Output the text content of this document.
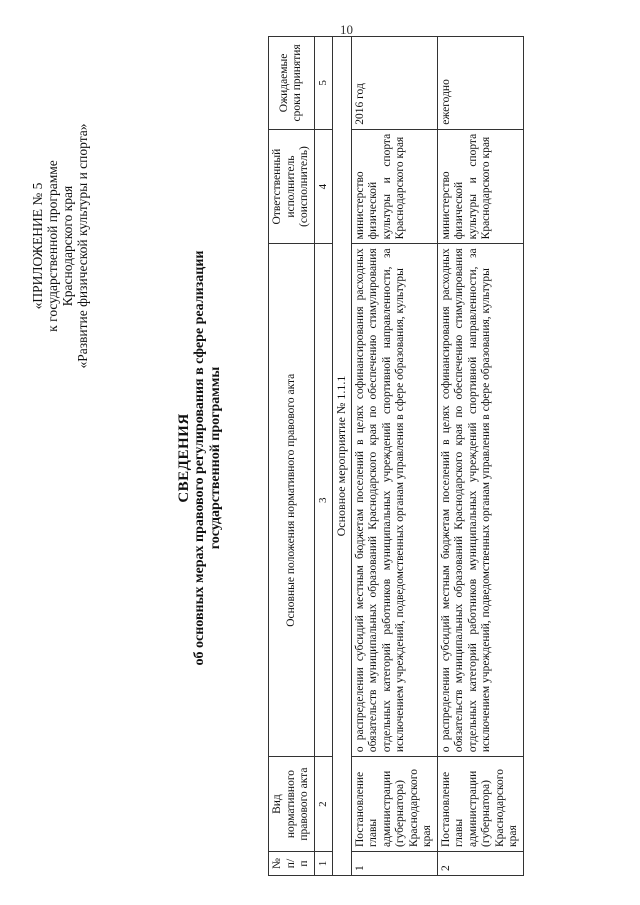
10
«ПРИЛОЖЕНИЕ № 5 к государственной программе Краснодарского края «Развитие физической культуры и спорта»
СВЕДЕНИЯ об основных мерах правового регулирования в сфере реализации государственной программы
№ п/п	Вид нормативного правового акта	Основные положения нормативного правового акта	Ответственный исполнитель (соисполнитель)	Ожидаемые сроки принятия
1	2	3	4	5
Основное мероприятие № 1.1.1				
1	Постановление главы администрации (губернатора) Краснодарского края	о распределении субсидий местным бюджетам поселений в целях софинансирования расходных обязательств муниципальных образований Краснодарского края по обеспечению стимулирования отдельных категорий работников муниципальных учреждений спортивной направленности, за исключением учреждений, подведомственных органам управления в сфере образования, культуры	министерство физической культуры и спорта Краснодарского края	2016 год
2	Постановление главы администрации (губернатора) Краснодарского края	о распределении субсидий местным бюджетам поселений в целях софинансирования расходных обязательств муниципальных образований Краснодарского края по обеспечению стимулирования отдельных категорий работников муниципальных учреждений спортивной направленности, за исключением учреждений, подведомственных органам управления в сфере образования, культуры	министерство физической культуры и спорта Краснодарского края	ежегодно
